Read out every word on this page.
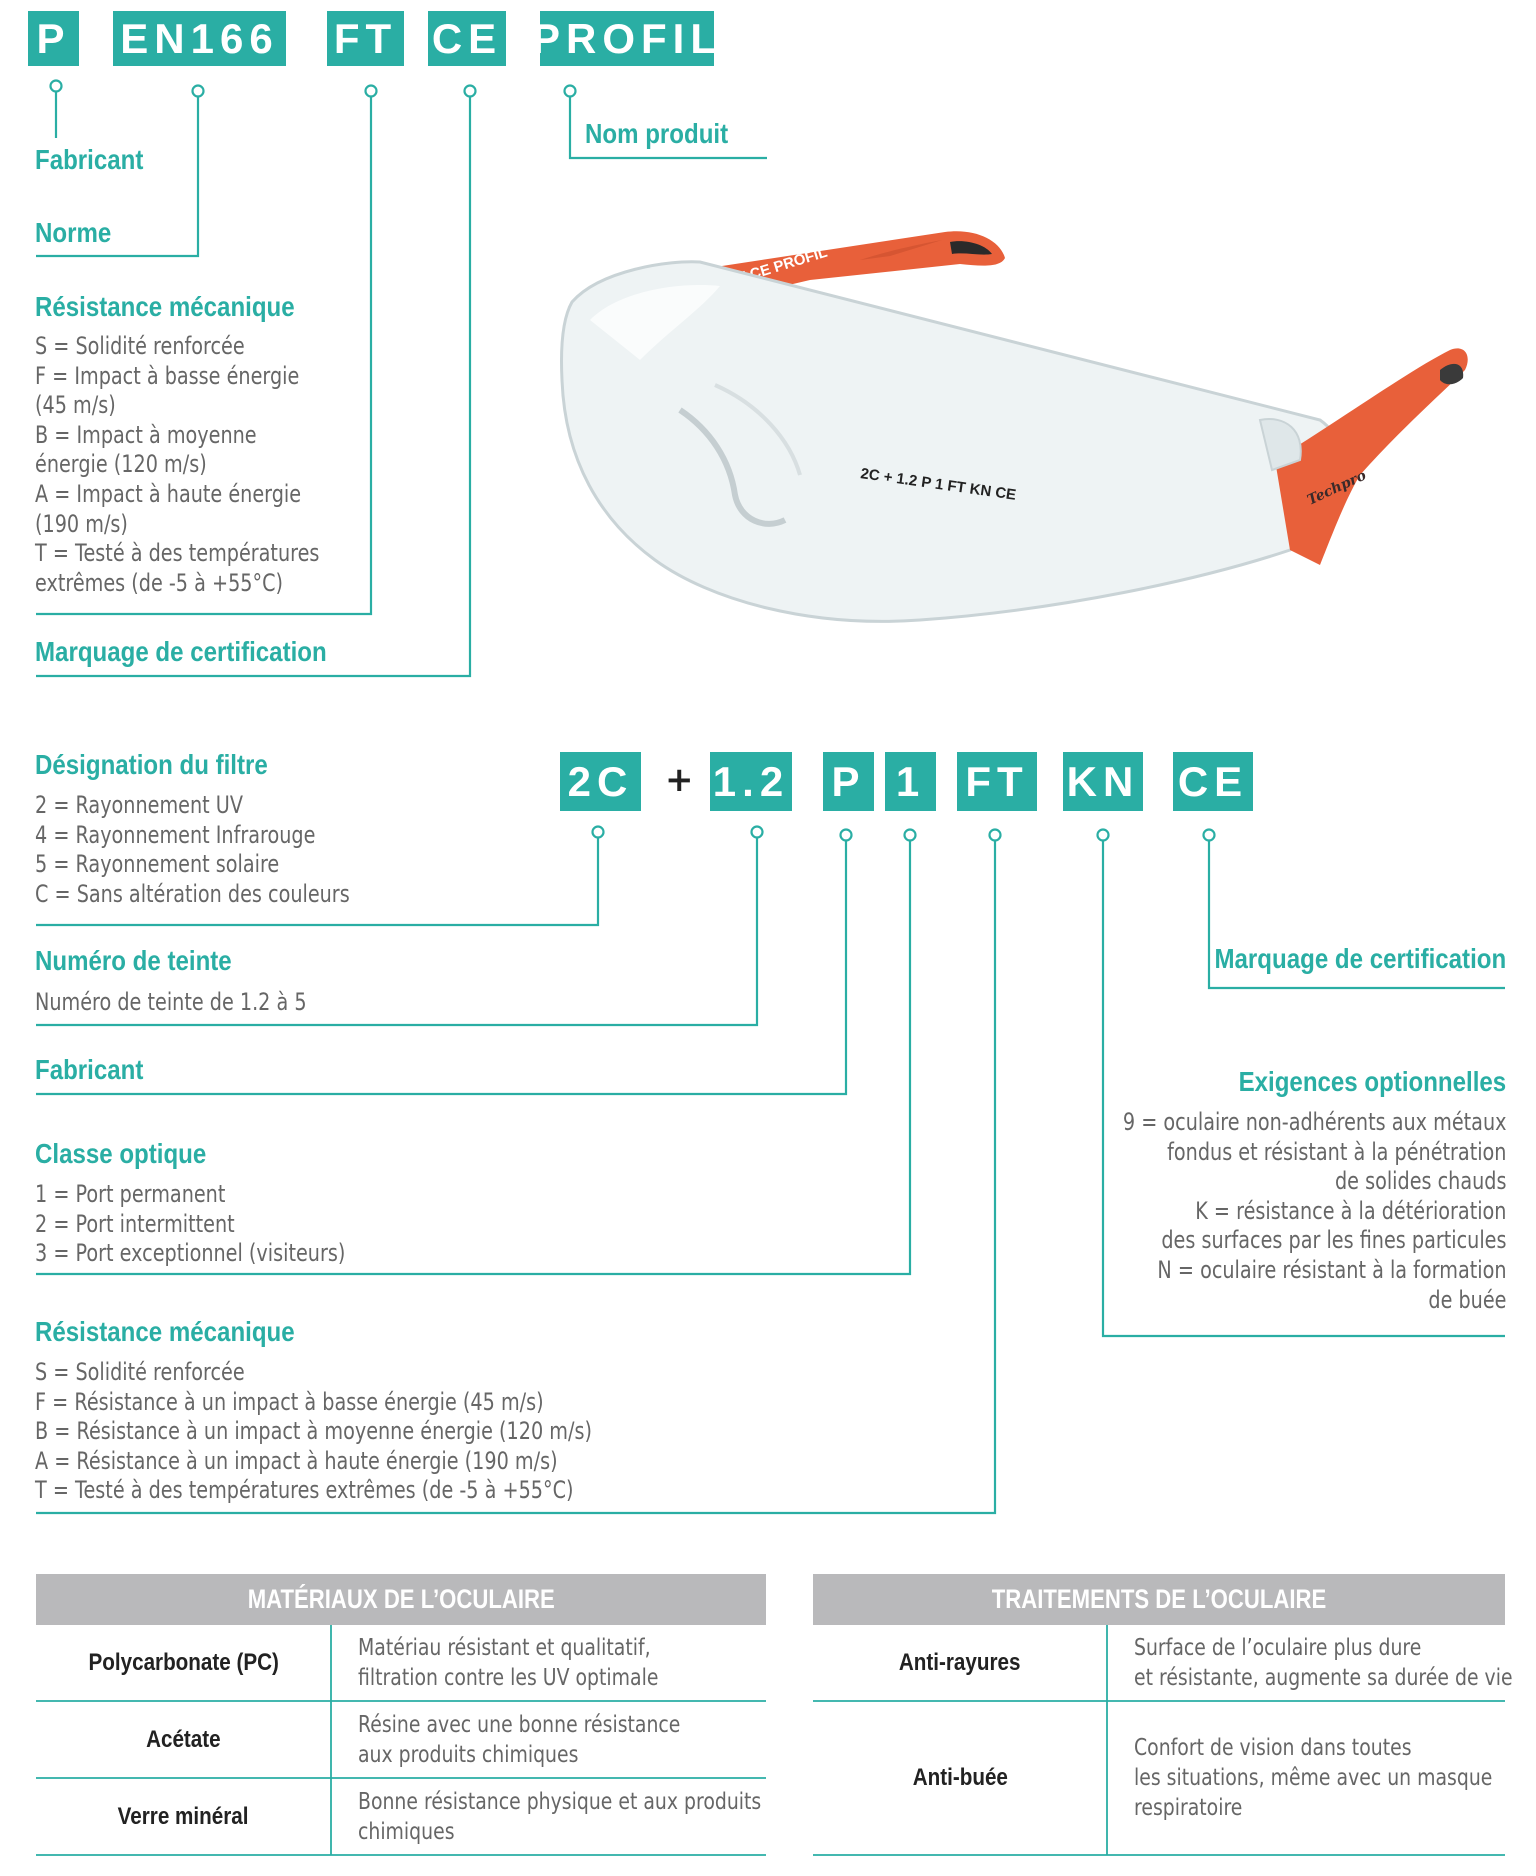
P EN166 FT CE PROFIL
Nom produit
Fabricant
Norme
Résistance mécanique
S = Solidité renforcée
F = Impact à basse énergie
(45 m/s)
B = Impact à moyenne
énergie (120 m/s)
A = Impact à haute énergie
(190 m/s)
T = Testé à des températures
extrêmes (de -5 à +55°C)
Marquage de certification
2C + 1.2 P 1 FT KN CE	Techpro
2C + 1.2 P 1 FT KN CE
Désignation du filtre
2 = Rayonnement UV
4 = Rayonnement Infrarouge
5 = Rayonnement solaire
C = Sans altération des couleurs
Numéro de teinte
Numéro de teinte de 1.2 à 5
Fabricant
Classe optique
1 = Port permanent
2 = Port intermittent
3 = Port exceptionnel (visiteurs)
Résistance mécanique
S = Solidité renforcée
F = Résistance à un impact à basse énergie (45 m/s)
B = Résistance à un impact à moyenne énergie (120 m/s)
A = Résistance à un impact à haute énergie (190 m/s)
T = Testé à des températures extrêmes (de -5 à +55°C)
Marquage de certification
Exigences optionnelles
9 = oculaire non-adhérents aux métaux
fondus et résistant à la pénétration
de solides chauds
K = résistance à la détérioration
des surfaces par les fines particules
N = oculaire résistant à la formation
de buée
MATÉRIAUX DE L’OCULAIRE	TRAITEMENTS DE L’OCULAIRE
Polycarbonate (PC)
Matériau résistant et qualitatif,
filtration contre les UV optimale
Acétate
Résine avec une bonne résistance
aux produits chimiques
Verre minéral
Bonne résistance physique et aux produits
chimiques
Anti-rayures
Surface de l’oculaire plus dure
et résistante, augmente sa durée de vie
Anti-buée
Confort de vision dans toutes
les situations, même avec un masque
respiratoire
